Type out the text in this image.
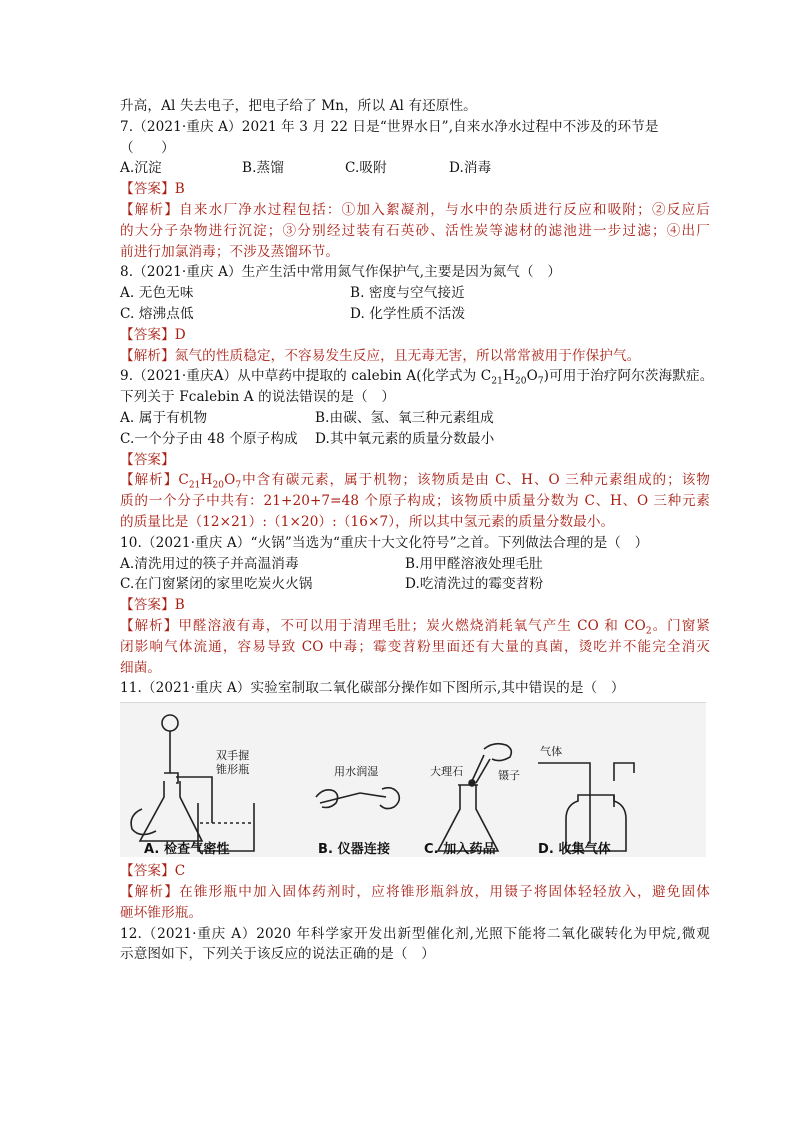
升高，Al 失去电子，把电子给了 Mn，所以 Al 有还原性。
7.（2021·重庆 A）2021 年 3 月 22 日是“世界水日”,自来水净水过程中不涉及的环节是
（　　）
A.沉淀	B.蒸馏	C.吸附	D.消毒
【答案】B
【解析】自来水厂净水过程包括：①加入絮凝剂，与水中的杂质进行反应和吸附；②反应后
的大分子杂物进行沉淀；③分别经过装有石英砂、活性炭等滤材的滤池进一步过滤；④出厂
前进行加氯消毒；不涉及蒸馏环节。
8.（2021·重庆 A）生产生活中常用氮气作保护气,主要是因为氮气（　）
A. 无色无味	B. 密度与空气接近
C. 熔沸点低	D. 化学性质不活泼
【答案】D
【解析】氮气的性质稳定，不容易发生反应，且无毒无害，所以常常被用于作保护气。
9.（2021·重庆A）从中草药中提取的 calebin A(化学式为 $C_{21}H_{20}O_7$)可用于治疗阿尔茨海默症。
下列关于 Fcalebin A 的说法错误的是（　）
A. 属于有机物	B.由碳、氢、氧三种元素组成
C.一个分子由 48 个原子构成	D.其中氧元素的质量分数最小
【答案】
【解析】$C_{21}H_{20}O_7$中含有碳元素，属于机物；该物质是由 C、H、O 三种元素组成的；该物
质的一个分子中共有：21+20+7=48 个原子构成；该物质中质量分数为 C、H、O 三种元素
的质量比是（12×21）:（1×20）:（16×7），所以其中氢元素的质量分数最小。
10.（2021·重庆 A）“火锅”当选为“重庆十大文化符号”之首。下列做法合理的是（　）
A.清洗用过的筷子并高温消毒	B.用甲醛溶液处理毛肚
C.在门窗紧闭的家里吃炭火火锅	D.吃清洗过的霉变苕粉
【答案】B
【解析】甲醛溶液有毒，不可以用于清理毛肚；炭火燃烧消耗氧气产生 CO 和 $CO_2$。门窗紧
闭影响气体流通，容易导致 CO 中毒；霉变苕粉里面还有大量的真菌，烫吃并不能完全消灭
细菌。
11.（2021·重庆 A）实验室制取二氧化碳部分操作如下图所示,其中错误的是（　）
双手握
锥形瓶	用水润湿	大理石	镊子
气体
A. 检查气密性	B. 仪器连接	C. 加入药品	D. 收集气体
【答案】C
【解析】在锥形瓶中加入固体药剂时，应将锥形瓶斜放，用镊子将固体轻轻放入，避免固体
砸坏锥形瓶。
12.（2021·重庆 A）2020 年科学家开发出新型催化剂,光照下能将二氧化碳转化为甲烷,微观
示意图如下，下列关于该反应的说法正确的是（　）
